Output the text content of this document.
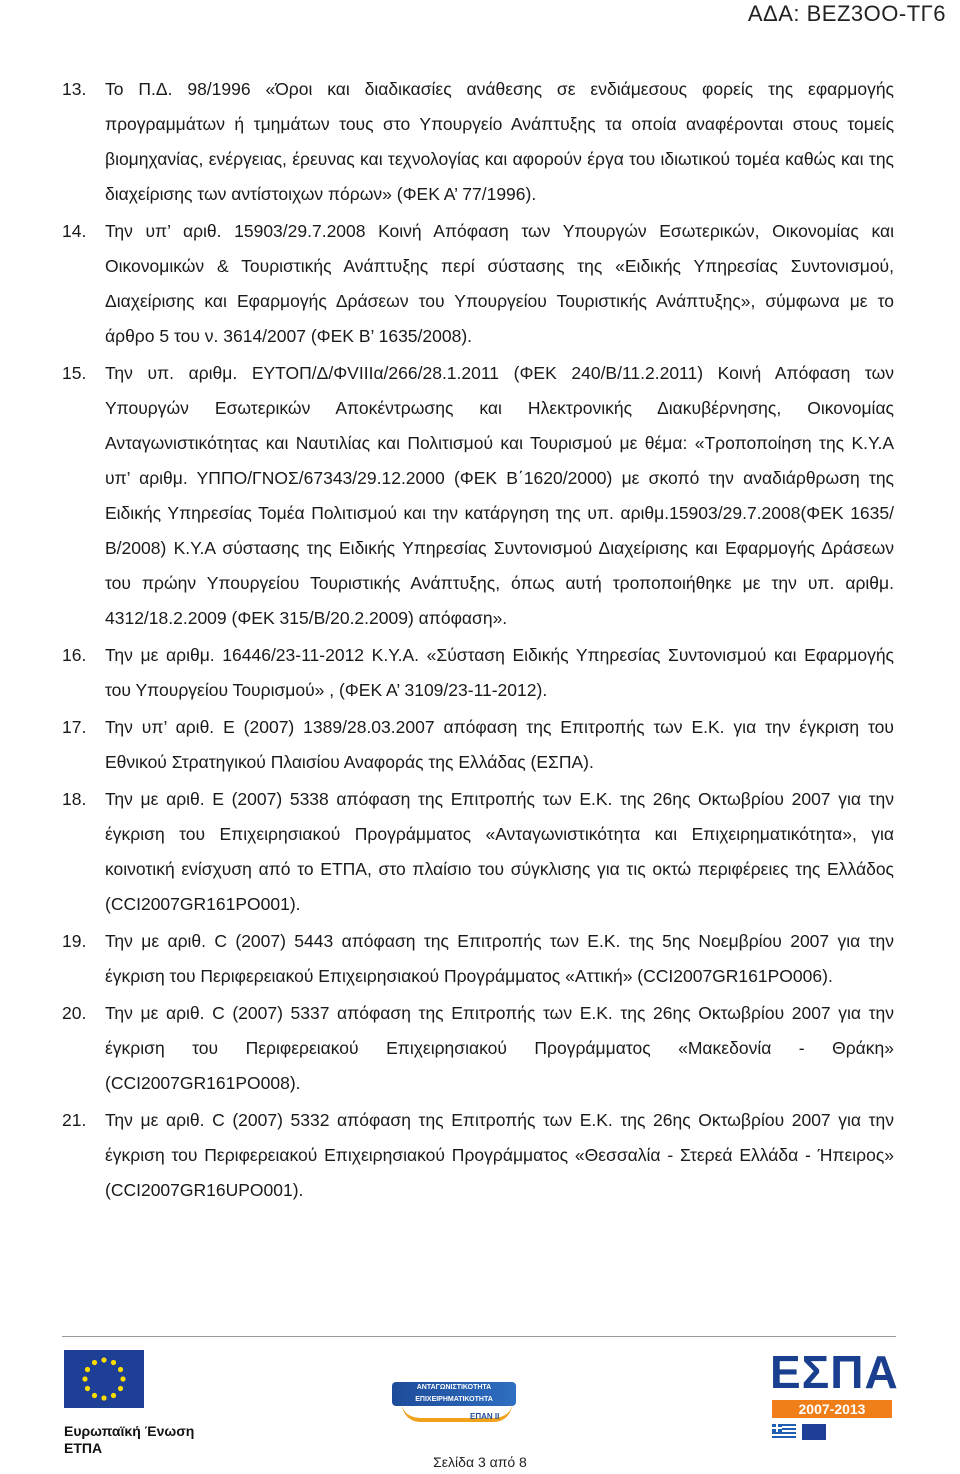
ΑΔΑ: ΒΕΖ3ΟΟ-ΤΓ6
13. Το Π.Δ. 98/1996 «Όροι και διαδικασίες ανάθεσης σε ενδιάμεσους φορείς της εφαρμογής προγραμμάτων ή τμημάτων τους στο Υπουργείο Ανάπτυξης τα οποία αναφέρονται στους τομείς βιομηχανίας, ενέργειας, έρευνας και τεχνολογίας και αφορούν έργα του ιδιωτικού τομέα καθώς και της διαχείρισης των αντίστοιχων πόρων» (ΦΕΚ Α’ 77/1996).
14. Την υπ’ αριθ. 15903/29.7.2008 Κοινή Απόφαση των Υπουργών Εσωτερικών, Οικονομίας και Οικονομικών & Τουριστικής Ανάπτυξης περί σύστασης της «Ειδικής Υπηρεσίας Συντονισμού, Διαχείρισης και Εφαρμογής Δράσεων του Υπουργείου Τουριστικής Ανάπτυξης», σύμφωνα με το άρθρο 5 του ν. 3614/2007 (ΦΕΚ Β’ 1635/2008).
15. Την υπ. αριθμ. ΕΥΤΟΠ/Δ/ΦVIIIα/266/28.1.2011 (ΦΕΚ 240/Β/11.2.2011) Κοινή Απόφαση των Υπουργών Εσωτερικών Αποκέντρωσης και Ηλεκτρονικής Διακυβέρνησης, Οικονομίας Ανταγωνιστικότητας και Ναυτιλίας και Πολιτισμού και Τουρισμού με θέμα: «Τροποποίηση της Κ.Υ.Α υπ’ αριθμ. ΥΠΠΟ/ΓΝΟΣ/67343/29.12.2000 (ΦΕΚ Β΄1620/2000) με σκοπό την αναδιάρθρωση της Ειδικής Υπηρεσίας Τομέα Πολιτισμού και την κατάργηση της υπ. αριθμ.15903/29.7.2008(ΦΕΚ 1635/Β/2008) Κ.Υ.Α σύστασης της Ειδικής Υπηρεσίας Συντονισμού Διαχείρισης και Εφαρμογής Δράσεων του πρώην Υπουργείου Τουριστικής Ανάπτυξης, όπως αυτή τροποποιήθηκε με την υπ. αριθμ. 4312/18.2.2009 (ΦΕΚ 315/Β/20.2.2009) απόφαση».
16. Την με αριθμ. 16446/23-11-2012 Κ.Υ.Α. «Σύσταση Ειδικής Υπηρεσίας Συντονισμού και Εφαρμογής του Υπουργείου Τουρισμού» , (ΦΕΚ Α’ 3109/23-11-2012).
17. Την υπ’ αριθ. Ε (2007) 1389/28.03.2007 απόφαση της Επιτροπής των Ε.Κ. για την έγκριση του Εθνικού Στρατηγικού Πλαισίου Αναφοράς της Ελλάδας (ΕΣΠΑ).
18. Την με αριθ. Ε (2007) 5338 απόφαση της Επιτροπής των Ε.Κ. της 26ης Οκτωβρίου 2007 για την έγκριση του Επιχειρησιακού Προγράμματος «Ανταγωνιστικότητα και Επιχειρηματικότητα», για κοινοτική ενίσχυση από το ΕΤΠΑ, στο πλαίσιο του σύγκλισης για τις οκτώ περιφέρειες της Ελλάδος (CCI2007GR161PO001).
19. Την με αριθ. C (2007) 5443 απόφαση της Επιτροπής των Ε.Κ. της 5ης Νοεμβρίου 2007 για την έγκριση του Περιφερειακού Επιχειρησιακού Προγράμματος «Αττική» (CCI2007GR161PO006).
20. Την με αριθ. C (2007) 5337 απόφαση της Επιτροπής των Ε.Κ. της 26ης Οκτωβρίου 2007 για την έγκριση του Περιφερειακού Επιχειρησιακού Προγράμματος «Μακεδονία - Θράκη» (CCI2007GR161PO008).
21. Την με αριθ. C (2007) 5332 απόφαση της Επιτροπής των Ε.Κ. της 26ης Οκτωβρίου 2007 για την έγκριση του Περιφερειακού Επιχειρησιακού Προγράμματος «Θεσσαλία - Στερεά Ελλάδα - Ήπειρος» (CCI2007GR16UPO001).
Ευρωπαϊκή Ένωση
ΕΤΠΑ
ΑΝΤΑΓΩΝΙΣΤΙΚΟΤΗΤΑ
ΕΠΙΧΕΙΡΗΜΑΤΙΚΟΤΗΤΑ
ΕΠΑΝ ΙΙ
ΕΣΠΑ
2007-2013
Σελίδα 3 από 8
